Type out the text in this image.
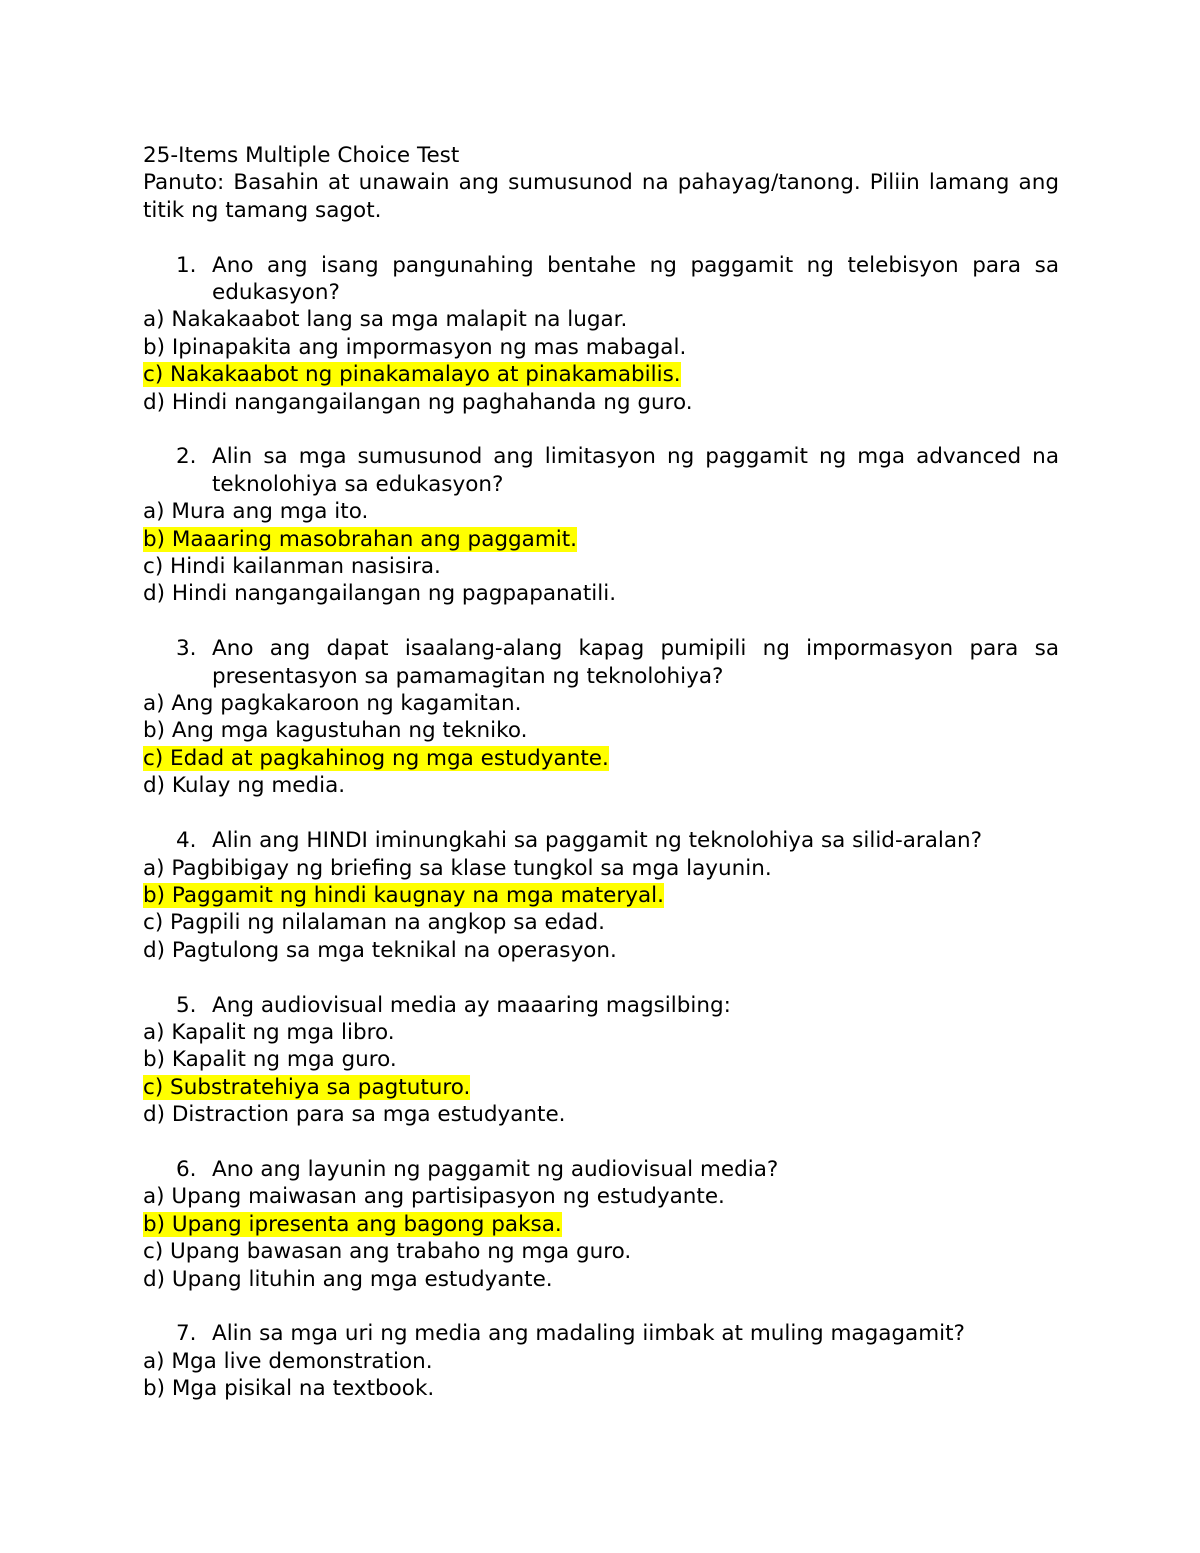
25-Items Multiple Choice Test

Panuto: Basahin at unawain ang sumusunod na pahayag/tanong. Piliin lamang ang titik ng tamang sagot.

1. Ano ang isang pangunahing bentahe ng paggamit ng telebisyon para sa edukasyon?

a) Nakakaabot lang sa mga malapit na lugar.

b) Ipinapakita ang impormasyon ng mas mabagal.

c) Nakakaabot ng pinakamalayo at pinakamabilis.

d) Hindi nangangailangan ng paghahanda ng guro.

2. Alin sa mga sumusunod ang limitasyon ng paggamit ng mga advanced na teknolohiya sa edukasyon?

a) Mura ang mga ito.

b) Maaaring masobrahan ang paggamit.

c) Hindi kailanman nasisira.

d) Hindi nangangailangan ng pagpapanatili.

3. Ano ang dapat isaalang-alang kapag pumipili ng impormasyon para sa presentasyon sa pamamagitan ng teknolohiya?

a) Ang pagkakaroon ng kagamitan.

b) Ang mga kagustuhan ng tekniko.

c) Edad at pagkahinog ng mga estudyante.

d) Kulay ng media.

4. Alin ang HINDI iminungkahi sa paggamit ng teknolohiya sa silid-aralan?

a) Pagbibigay ng briefing sa klase tungkol sa mga layunin.

b) Paggamit ng hindi kaugnay na mga materyal.

c) Pagpili ng nilalaman na angkop sa edad.

d) Pagtulong sa mga teknikal na operasyon.

5. Ang audiovisual media ay maaaring magsilbing:

a) Kapalit ng mga libro.

b) Kapalit ng mga guro.

c) Substratehiya sa pagtuturo.

d) Distraction para sa mga estudyante.

6. Ano ang layunin ng paggamit ng audiovisual media?

a) Upang maiwasan ang partisipasyon ng estudyante.

b) Upang ipresenta ang bagong paksa.

c) Upang bawasan ang trabaho ng mga guro.

d) Upang lituhin ang mga estudyante.

7. Alin sa mga uri ng media ang madaling iimbak at muling magagamit?

a) Mga live demonstration.

b) Mga pisikal na textbook.
